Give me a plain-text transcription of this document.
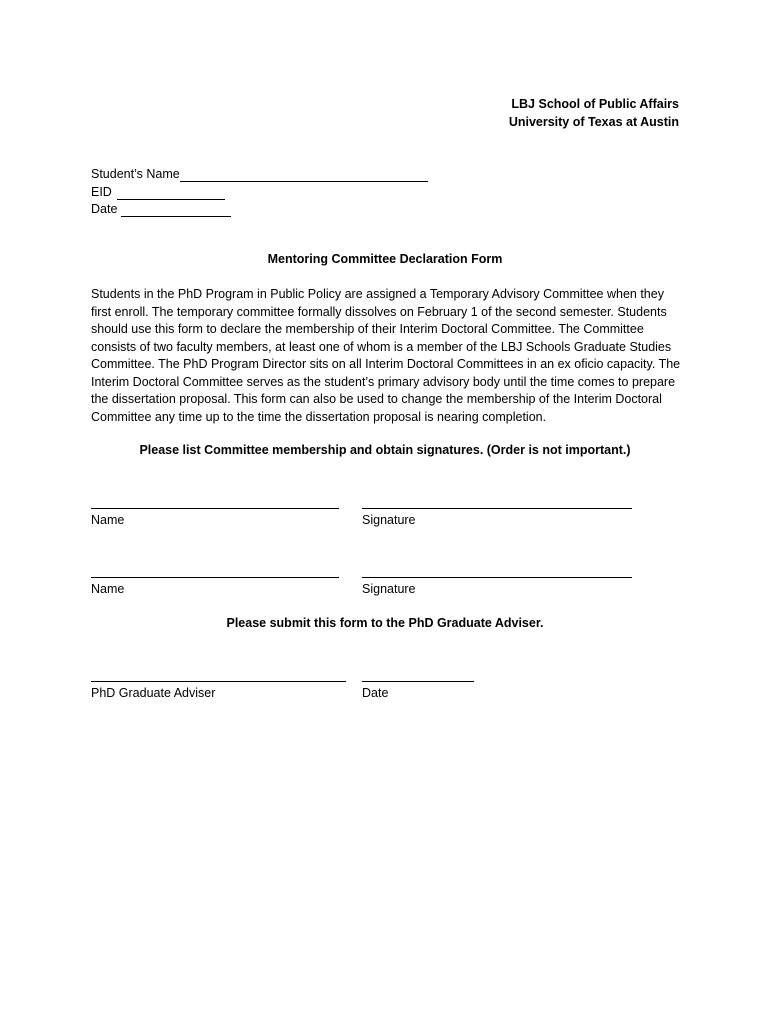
LBJ School of Public Affairs
University of Texas at Austin
Student’s Name
EID
Date
Mentoring Committee Declaration Form
Students in the PhD Program in Public Policy are assigned a Temporary Advisory Committee when they first enroll. The temporary committee formally dissolves on February 1 of the second semester. Students should use this form to declare the membership of their Interim Doctoral Committee. The Committee consists of two faculty members, at least one of whom is a member of the LBJ Schools Graduate Studies Committee. The PhD Program Director sits on all Interim Doctoral Committees in an ex oficio capacity. The Interim Doctoral Committee serves as the student’s primary advisory body until the time comes to prepare the dissertation proposal. This form can also be used to change the membership of the Interim Doctoral Committee any time up to the time the dissertation proposal is nearing completion.
Please list Committee membership and obtain signatures. (Order is not important.)
Name	Signature
Name	Signature
Please submit this form to the PhD Graduate Adviser.
PhD Graduate Adviser	Date
